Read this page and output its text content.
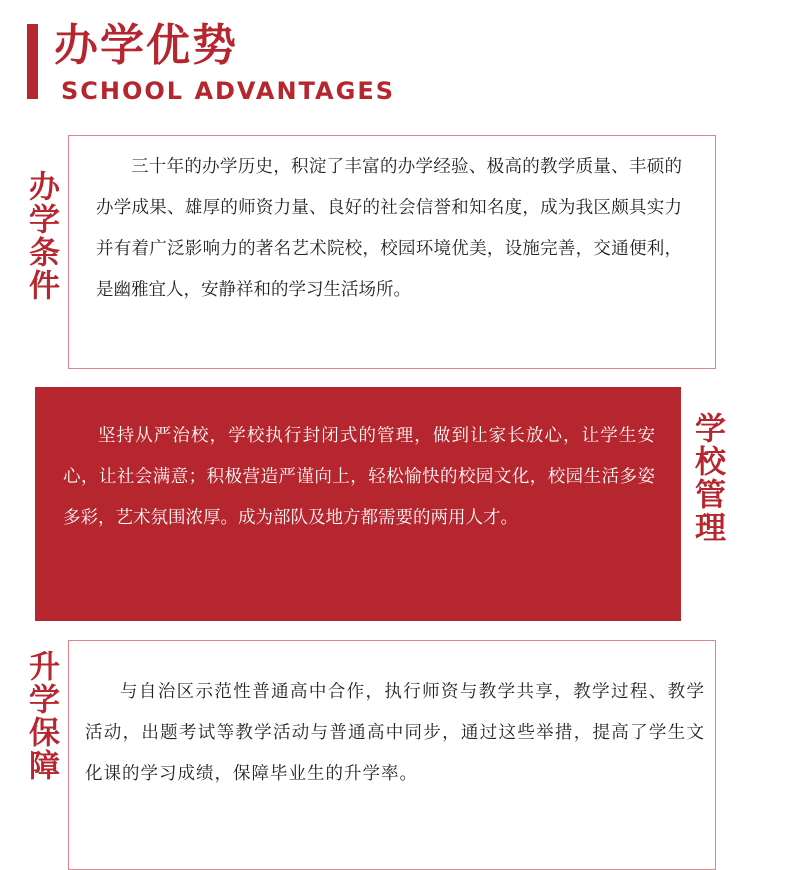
办学优势
SCHOOL ADVANTAGES
办学条件

三十年的办学历史，积淀了丰富的办学经验、极高的教学质量、丰硕的办学成果、雄厚的师资力量、良好的社会信誉和知名度，成为我区颇具实力并有着广泛影响力的著名艺术院校，校园环境优美，设施完善，交通便利，是幽雅宜人，安静祥和的学习生活场所。

坚持从严治校，学校执行封闭式的管理，做到让家长放心，让学生安心，让社会满意；积极营造严谨向上，轻松愉快的校园文化，校园生活多姿多彩，艺术氛围浓厚。成为部队及地方都需要的两用人才。	学校管理
升学保障	与自治区示范性普通高中合作，执行师资与教学共享，教学过程、教学活动，出题考试等教学活动与普通高中同步，通过这些举措，提高了学生文化课的学习成绩，保障毕业生的升学率。
